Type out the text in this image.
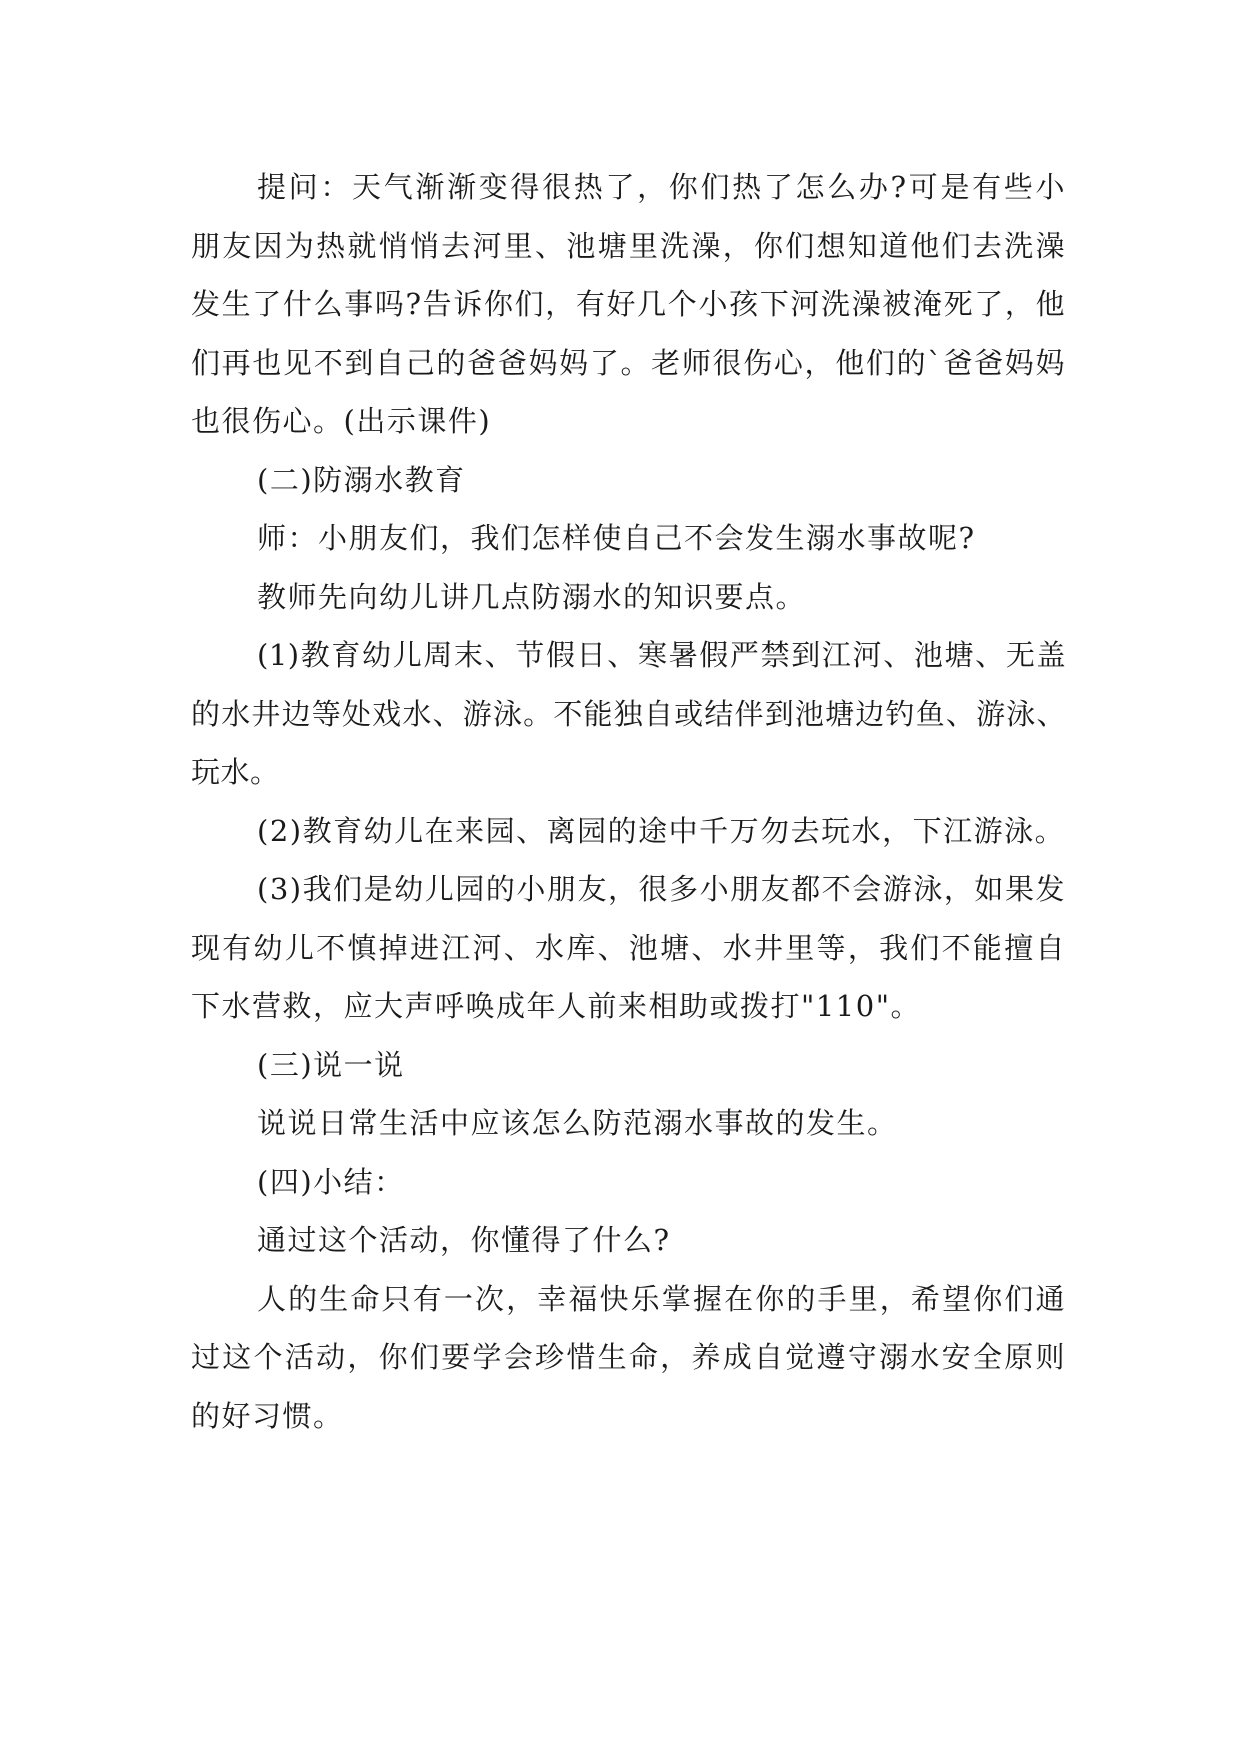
提问：天气渐渐变得很热了，你们热了怎么办?可是有些小朋友因为热就悄悄去河里、池塘里洗澡，你们想知道他们去洗澡发生了什么事吗?告诉你们，有好几个小孩下河洗澡被淹死了，他们再也见不到自己的爸爸妈妈了。老师很伤心，他们的`爸爸妈妈也很伤心。(出示课件)

(二)防溺水教育

师：小朋友们，我们怎样使自己不会发生溺水事故呢?

教师先向幼儿讲几点防溺水的知识要点。

(1)教育幼儿周末、节假日、寒暑假严禁到江河、池塘、无盖的水井边等处戏水、游泳。不能独自或结伴到池塘边钓鱼、游泳、玩水。

(2)教育幼儿在来园、离园的途中千万勿去玩水，下江游泳。

(3)我们是幼儿园的小朋友，很多小朋友都不会游泳，如果发现有幼儿不慎掉进江河、水库、池塘、水井里等，我们不能擅自下水营救，应大声呼唤成年人前来相助或拨打"110"。

(三)说一说

说说日常生活中应该怎么防范溺水事故的发生。

(四)小结：

通过这个活动，你懂得了什么?

人的生命只有一次，幸福快乐掌握在你的手里，希望你们通过这个活动，你们要学会珍惜生命，养成自觉遵守溺水安全原则的好习惯。
